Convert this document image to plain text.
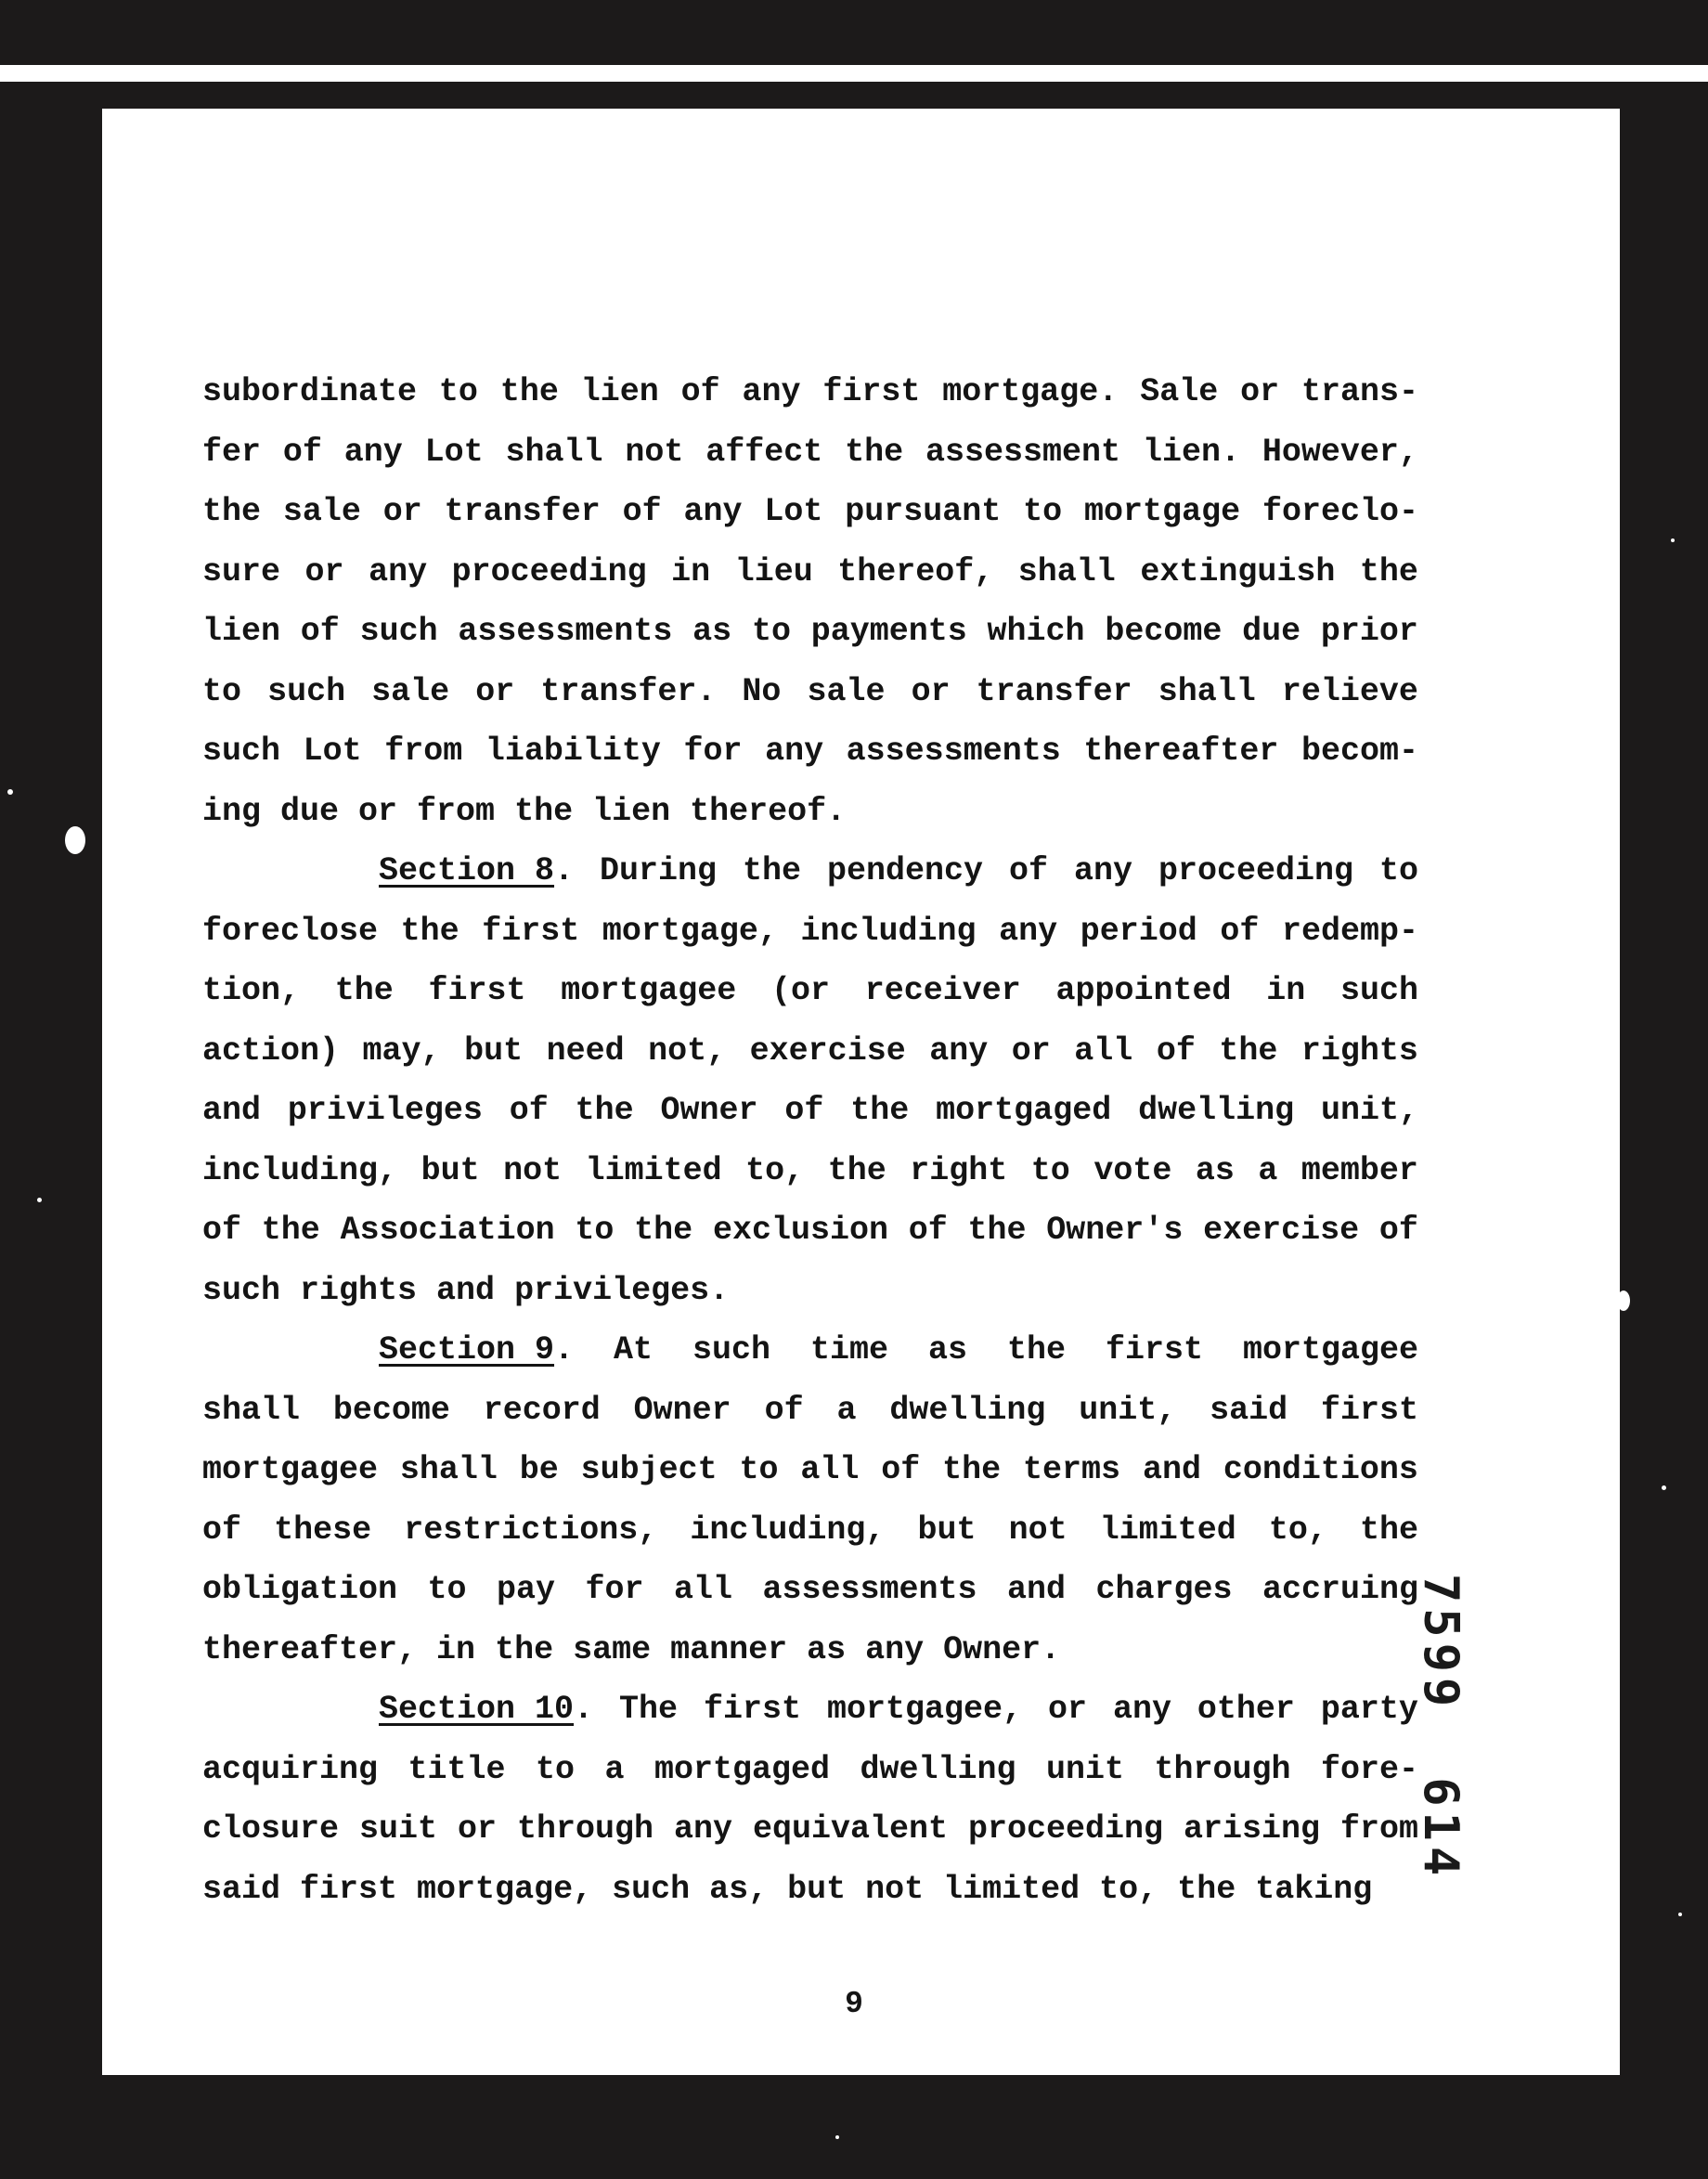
subordinate to the lien of any first mortgage. Sale or trans-
fer of any Lot shall not affect the assessment lien. However,
the sale or transfer of any Lot pursuant to mortgage foreclo-
sure or any proceeding in lieu thereof, shall extinguish the
lien of such assessments as to payments which become due prior
to such sale or transfer. No sale or transfer shall relieve
such Lot from liability for any assessments thereafter becom-
ing due or from the lien thereof.
Section 8. During the pendency of any proceeding to
foreclose the first mortgage, including any period of redemp-
tion, the first mortgagee (or receiver appointed in such
action) may, but need not, exercise any or all of the rights
and privileges of the Owner of the mortgaged dwelling unit,
including, but not limited to, the right to vote as a member
of the Association to the exclusion of the Owner's exercise of
such rights and privileges.
Section 9. At such time as the first mortgagee
shall become record Owner of a dwelling unit, said first
mortgagee shall be subject to all of the terms and conditions
of these restrictions, including, but not limited to, the
obligation to pay for all assessments and charges accruing
thereafter, in the same manner as any Owner.
Section 10. The first mortgagee, or any other party
acquiring title to a mortgaged dwelling unit through fore-
closure suit or through any equivalent proceeding arising from
said first mortgage, such as, but not limited to, the taking
9
7599614
